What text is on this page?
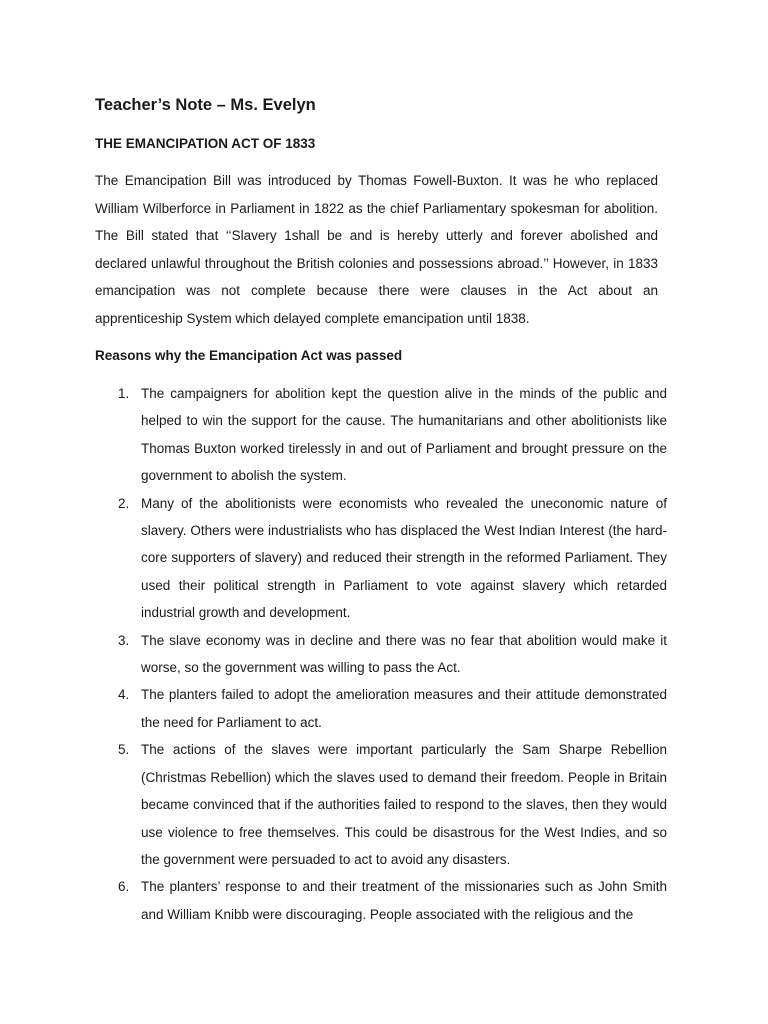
Teacher’s Note – Ms. Evelyn
THE EMANCIPATION ACT OF 1833

The Emancipation Bill was introduced by Thomas Fowell-Buxton. It was he who replaced William Wilberforce in Parliament in 1822 as the chief Parliamentary spokesman for abolition. The Bill stated that ‘‘Slavery 1shall be and is hereby utterly and forever abolished and declared unlawful throughout the British colonies and possessions abroad.’’ However, in 1833 emancipation was not complete because there were clauses in the Act about an apprenticeship System which delayed complete emancipation until 1838.

Reasons why the Emancipation Act was passed
1. The campaigners for abolition kept the question alive in the minds of the public and helped to win the support for the cause. The humanitarians and other abolitionists like Thomas Buxton worked tirelessly in and out of Parliament and brought pressure on the government to abolish the system.
2. Many of the abolitionists were economists who revealed the uneconomic nature of slavery. Others were industrialists who has displaced the West Indian Interest (the hard-core supporters of slavery) and reduced their strength in the reformed Parliament. They used their political strength in Parliament to vote against slavery which retarded industrial growth and development.
3. The slave economy was in decline and there was no fear that abolition would make it worse, so the government was willing to pass the Act.
4. The planters failed to adopt the amelioration measures and their attitude demonstrated the need for Parliament to act.
5. The actions of the slaves were important particularly the Sam Sharpe Rebellion (Christmas Rebellion) which the slaves used to demand their freedom. People in Britain became convinced that if the authorities failed to respond to the slaves, then they would use violence to free themselves. This could be disastrous for the West Indies, and so the government were persuaded to act to avoid any disasters.
6. The planters’ response to and their treatment of the missionaries such as John Smith and William Knibb were discouraging. People associated with the religious and the
